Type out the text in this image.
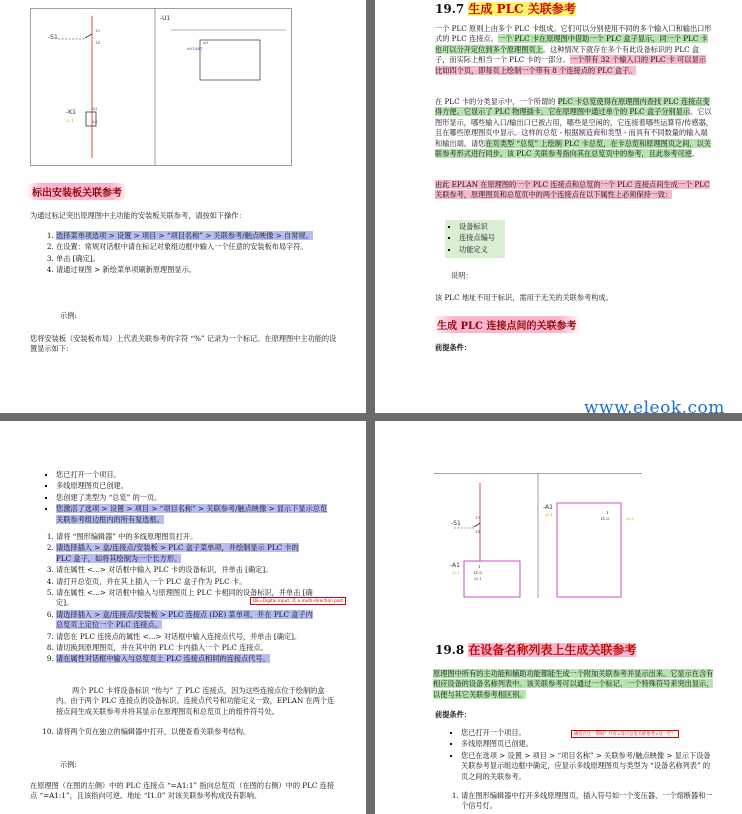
-S1
13
14
-U1
A1
601A87
-K1
/3.1
A1
A2
标出安装板关联参考
为通过标记突出原理图中主功能的安装板关联参考，请按如下操作：
1. 选择菜单项选项 > 设置 > 项目 > “项目名称” > 关联参考/触点映像 > 自常规。
2. 在设置：常规对话框中请在标记对象组边框中输入一个任意的安装板布局字符。
3. 单击 [确定]。
4. 请通过视图 > 新绘菜单项刷新原理图显示。
示例:
您将安装板（安装板布局）上代表关联参考的字符 “%” 记录为一个标记。在原理图中主功能的设置显示如下:
19.7 生成 PLC 关联参考
一个 PLC 原则上由多个 PLC 卡组成。它们可以分别使用不同的多个输入口和输出口形式的 PLC 连接点。一个 PLC 卡在原理图中借助一个 PLC 盒子显示，同一个 PLC 卡也可以分开定位到多个原理图页上。这种情况下就存在多个有此设备标识的 PLC 盒子，而实际上相当一个 PLC 卡的一部分。一个带有 32 个输入口的 PLC 卡 可以显示比如四个页，即每页上绘制一个带有 8 个连接点的 PLC 盒子。
在 PLC 卡的分类显示中，一个所谓的 PLC 卡总览使得在原理图内查找 PLC 连接点变得方便。它显示了 PLC 物理插卡，它在原理图中通过单个的 PLC 盒子分别显示。它以图形显示，哪些输入口/输出口已被占用，哪些是空闲的，它连接着哪些运算符/传感器，且在哪些原理图页中显示。这样的总览 - 根据制造商和类型 - 而具有不同数量的输入端和输出端。请您在页类型 “总览” 上绘制 PLC 卡总览，在卡总览和原理图页之间，以关联参考形式进行同步。该 PLC 关联参考指向其在总览页中的参考，且此参考可逆。
由此 EPLAN 在原理图的一个 PLC 连接点和总览的一个 PLC 连接点间生成一个 PLC 关联参考，原理图页和总览页中的两个连接点在以下属性上必须保持一致：
▪ 设备标识
▪ 连接点编号
▪ 功能定义
说明：
该 PLC 地址不用于标识，需用于无关的关联参考构成。
生成 PLC 连接点间的关联参考
前提条件：
www.eleok.com
▪ 您已打开一个项目。
▪ 多线原理图页已创建。
▪ 您创建了类型为 “总览” 的一页。
▪ 您激活了选项 > 设置 > 项目 > “项目名称” > 关联参考/触点映像 > 显示下显示总览关联参考组边框内的所有复选框。
1. 请将 “图形编辑器” 中的多线原理图页打开。
2. 请选择插入 > 盒/连接点/安装板 > PLC 盒子菜单项，并绘制显示 PLC 卡的 PLC 盒子，如将其绘制为一个长方形。
3. 请在属性 <...> 对话框中输入 PLC 卡的设备标识，并单击 [确定]。
4. 请打开总览页，并在其上插入一个 PLC 盒子作为 PLC 卡。
5. 请在属性 <...> 对话框中输入与原理图页上 PLC 卡相同的设备标识，并单击 [确定]。
6. 请选择插入 > 盒/连接点/安装板 > PLC 连接点 (DE) 菜单项，并在 PLC 盒子内总览页上定位一个 PLC 连接点。
7. 请您在 PLC 连接点的属性 <...> 对话框中输入连接点代号，并单击 [确定]。
8. 请切换到原理图页，并在其中的 PLC 卡内插入一个 PLC 连接点。
9. 请在属性对话框中输入与总览页上 PLC 连接点相同的连接点代号。
DE=Digital Input, 其 a multi-direction part
两个 PLC 卡将设备标识 “传与” 了 PLC 连接点，因为这些连接点位于绘制的盒内。由于两个 PLC 连接点的设备标识、连接点代号和功能定义一致，EPLAN 在两个连接点间生成关联参考并将其显示在原理图页和总览页上的组件符号处。
10. 请将两个页在独立的编辑器中打开，以便查看关联参考结构。
示例:
在原理图（在图的左侧）中的 PLC 连接点 “=A1:1” 指向总览页（在图的右侧）中的 PLC 连接点 “=A1:1”，且该指向可逆。地址 “I1.0” 对该关联参考构成没有影响。
-S1
13
14
-A1
/5.1
1
I1.0
/8.1
-A1
/8.1	1
I1.0	/2.2
19.8 在设备名称列表上生成关联参考
原理图中所有的主功能和辅助功能都能生成一个附加关联参考并显示出来。它显示在含有相应设备的设备名称列表中。该关联参考可以通过一个标记、一个特殊符号来突出显示，以便与其它关联参考相区别。
前提条件：
确信在这一期间？只有=显示总览关联参考=这一栏？
▪ 您已打开一个项目。
▪ 多线原理图页已创建。
▪ 您已在选项 > 设置 > 项目 > “项目名称” > 关联参考/触点映像 > 显示下设备关联参考显示组边框中确定，应显示多线原理图页与类型为 “设备名称列表” 的页之间的关联参考。
1. 请在图形编辑器中打开多线原理图页，插入符号如一个变压器、一个熔断器和一个信号灯。
